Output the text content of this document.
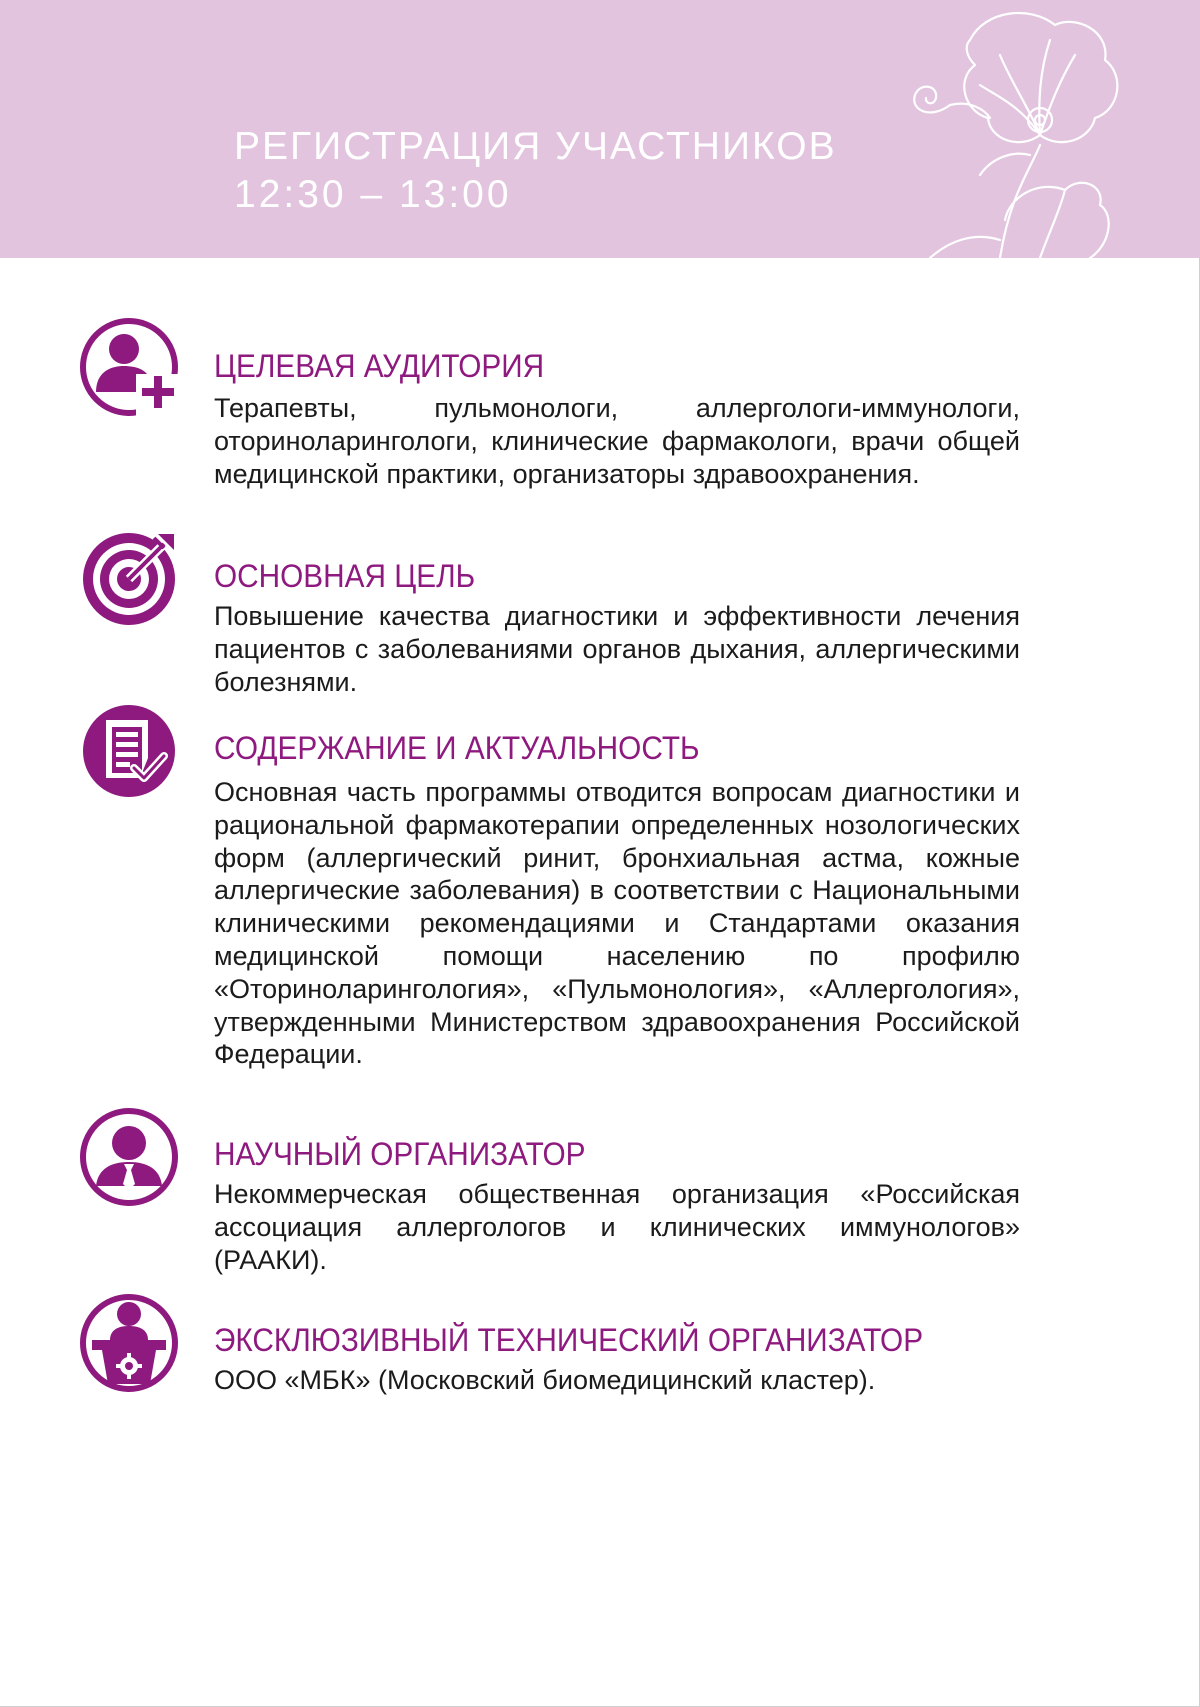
РЕГИСТРАЦИЯ УЧАСТНИКОВ
12:30 – 13:00
ЦЕЛЕВАЯ АУДИТОРИЯ
Терапевты, пульмонологи, аллергологи-иммунологи, оториноларингологи, клинические фармакологи, врачи общей медицинской практики, организаторы здравоохранения.
ОСНОВНАЯ ЦЕЛЬ
Повышение качества диагностики и эффективности лечения пациентов с заболеваниями органов дыхания, аллергическими болезнями.
СОДЕРЖАНИЕ И АКТУАЛЬНОСТЬ
Основная часть программы отводится вопросам диагностики и рациональной фармакотерапии определенных нозологических форм (аллергический ринит, бронхиальная астма, кожные аллергические заболевания) в соответствии с Национальными клиническими рекомендациями и Стандартами оказания медицинской помощи населению по профилю «Оториноларингология», «Пульмонология», «Аллергология», утвержденными Министерством здравоохранения Российской Федерации.
НАУЧНЫЙ ОРГАНИЗАТОР
Некоммерческая общественная организация «Российская ассоциация аллергологов и клинических иммунологов» (РААКИ).
ЭКСКЛЮЗИВНЫЙ ТЕХНИЧЕСКИЙ ОРГАНИЗАТОР
ООО «МБК» (Московский биомедицинский кластер).
